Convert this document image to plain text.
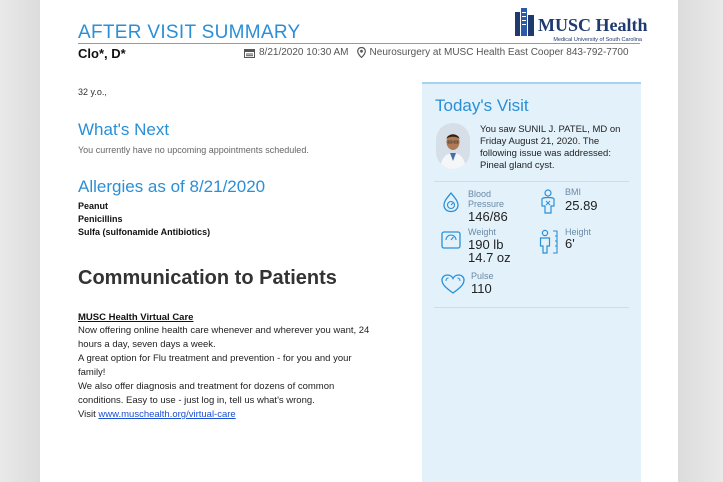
AFTER VISIT SUMMARY	MUSC Health
Medical University of South Carolina
Clo*, D*	8/21/2020 10:30 AM Neurosurgery at MUSC Health East Cooper 843-792-7700
32 y.o.,
What's Next
You currently have no upcoming appointments scheduled.
Allergies as of 8/21/2020
Peanut
Penicillins
Sulfa (sulfonamide Antibiotics)
Communication to Patients
MUSC Health Virtual Care
Now offering online health care whenever and wherever you want, 24
hours a day, seven days a week.
A great option for Flu treatment and prevention - for you and your
family!
We also offer diagnosis and treatment for dozens of common
conditions. Easy to use - just log in, tell us what's wrong.
Visit www.muschealth.org/virtual-care
Today's Visit
You saw SUNIL J. PATEL, MD on Friday August 21, 2020. The following issue was addressed: Pineal gland cyst.
Blood
Pressure
146/86
BMI
25.89
Weight
190 lb
14.7 oz
Height
6'
Pulse
110
